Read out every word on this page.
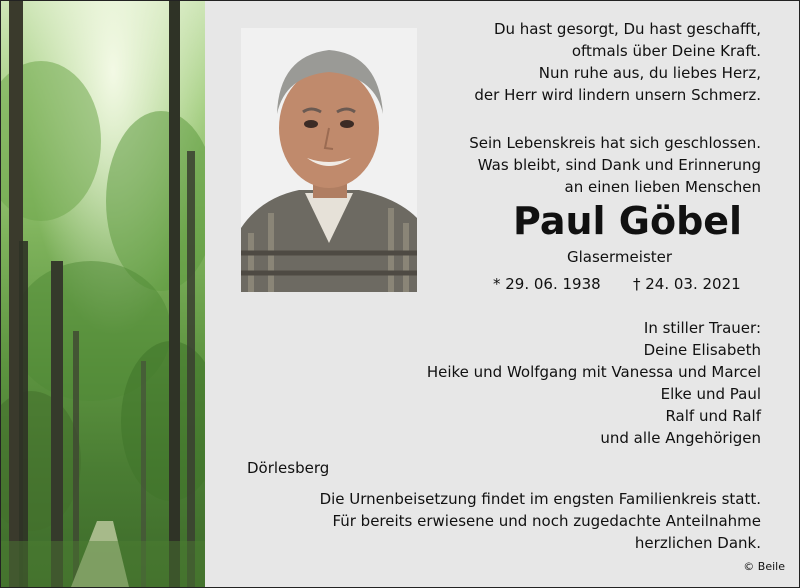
Du hast gesorgt, Du hast geschafft,
oftmals über Deine Kraft.
Nun ruhe aus, du liebes Herz,
der Herr wird lindern unsern Schmerz.
Sein Lebenskreis hat sich geschlossen.
Was bleibt, sind Dank und Erinnerung
an einen lieben Menschen
Paul Göbel
Glasermeister
* 29. 06. 1938 † 24. 03. 2021
In stiller Trauer:
Deine Elisabeth
Heike und Wolfgang mit Vanessa und Marcel
Elke und Paul
Ralf und Ralf
und alle Angehörigen
Dörlesberg
Die Urnenbeisetzung findet im engsten Familienkreis statt.
Für bereits erwiesene und noch zugedachte Anteilnahme
herzlichen Dank.
© Beile
